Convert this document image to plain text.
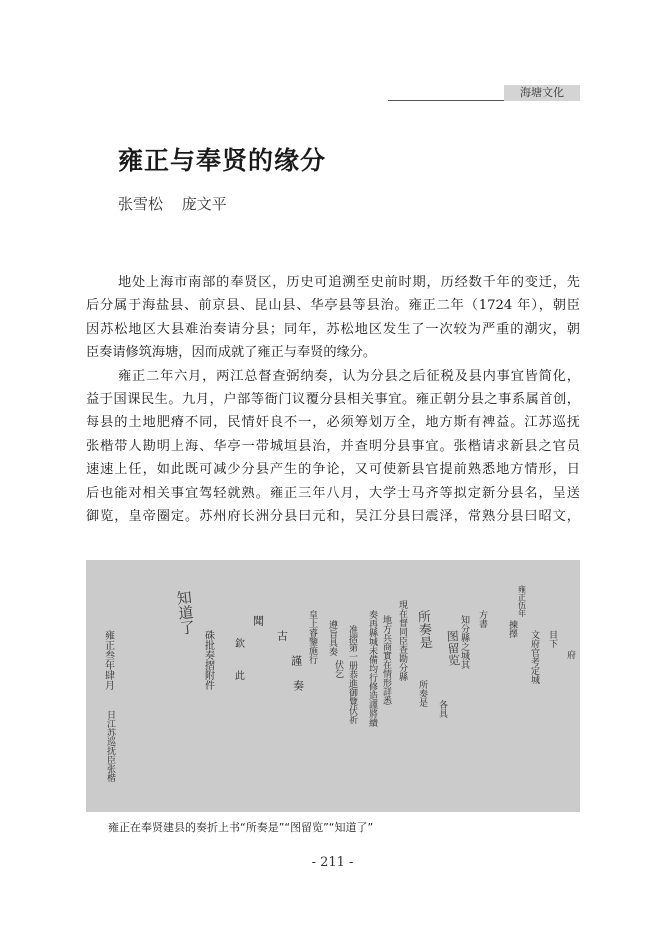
海塘文化
雍正与奉贤的缘分
张雪松 庞文平
地处上海市南部的奉贤区，历史可追溯至史前时期，历经数千年的变迁，先
后分属于海盐县、前京县、昆山县、华亭县等县治。雍正二年（1724 年），朝臣
因苏松地区大县难治奏请分县；同年，苏松地区发生了一次较为严重的潮灾，朝
臣奏请修筑海塘，因而成就了雍正与奉贤的缘分。
雍正二年六月，两江总督查弼纳奏，认为分县之后征税及县内事宜皆简化，
益于国课民生。九月，户部等衙门议覆分县相关事宜。雍正朝分县之事系属首创，
每县的土地肥瘠不同，民情奸良不一，必须筹划万全，地方斯有裨益。江苏巡抚
张楷带人勘明上海、华亭一带城垣县治，并查明分县事宜。张楷请求新县之官员
速速上任，如此既可减少分县产生的争论，又可使新县官提前熟悉地方情形，日
后也能对相关事宜驾轻就熟。雍正三年八月，大学士马齐等拟定新分县名，呈送
御览，皇帝圈定。苏州府长洲分县曰元和，吴江分县曰震泽，常熟分县曰昭文，
雍正叁年肆月
日江苏巡抚臣张楷
硃批奏摺附件 欽
此
聞
古
謹
奏
皇上睿鑒施行 遵旨具奏
伏乞 准摺第一册恭進御覽伏祈 奏再縣城未備均行修造謹將續 地方兵商實在情形詳悉	所奏是
現在督同臣查勘分縣
各具
知分縣之城其 方書
揀擇
雍正伍年
文府官考定城 目下
府
知道了	所奏是 图留览
雍正在奉贤建县的奏折上书“所奏是”“图留览”“知道了”
- 211 -
